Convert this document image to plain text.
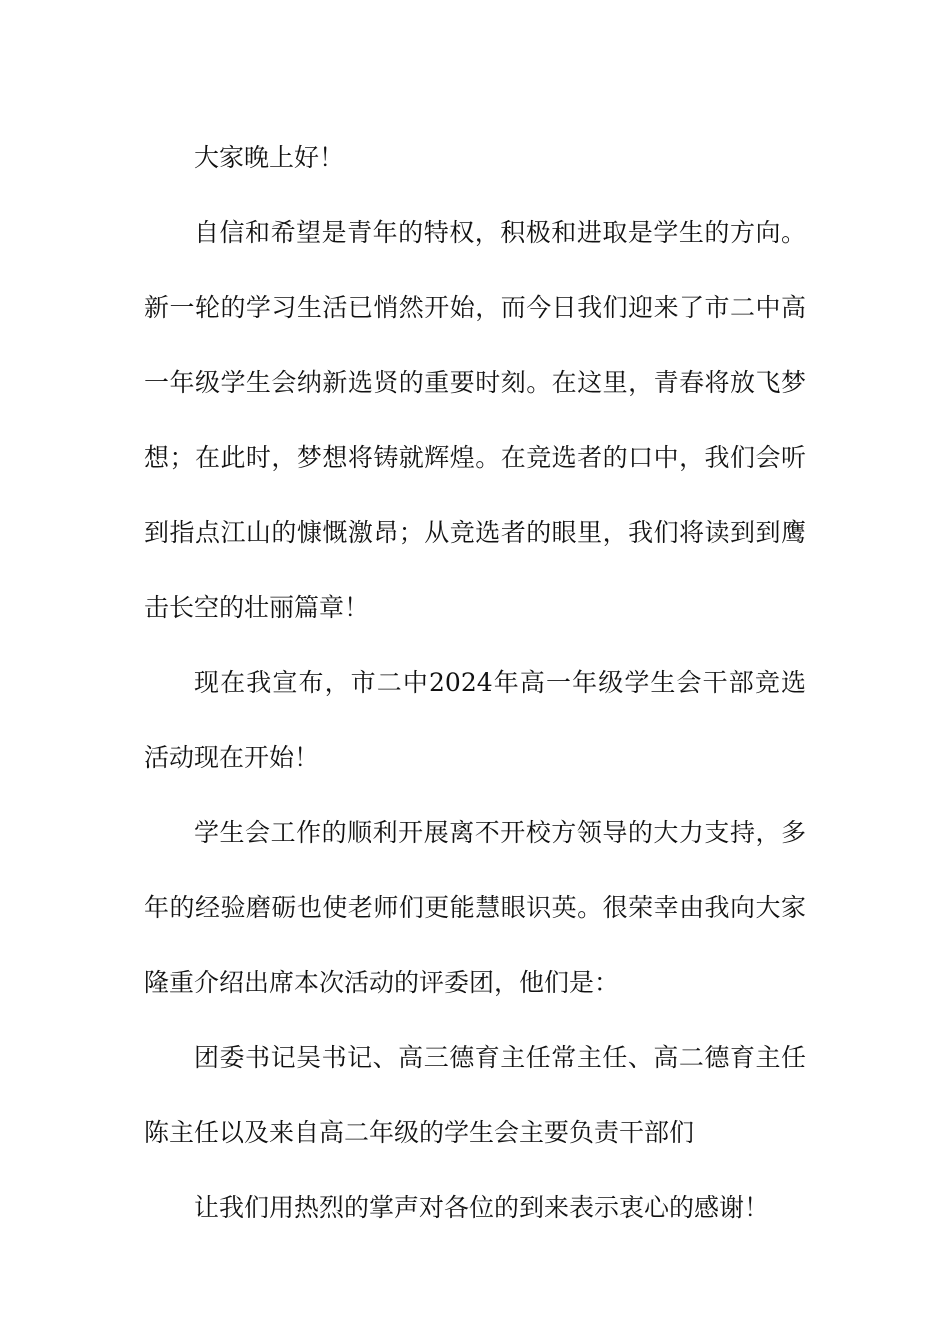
大家晚上好！

自信和希望是青年的特权，积极和进取是学生的方向。新一轮的学习生活已悄然开始，而今日我们迎来了市二中高一年级学生会纳新选贤的重要时刻。在这里，青春将放飞梦想；在此时，梦想将铸就辉煌。在竞选者的口中，我们会听到指点江山的慷慨激昂；从竞选者的眼里，我们将读到到鹰击长空的壮丽篇章！

现在我宣布，市二中2024年高一年级学生会干部竞选活动现在开始！

学生会工作的顺利开展离不开校方领导的大力支持，多年的经验磨砺也使老师们更能慧眼识英。很荣幸由我向大家隆重介绍出席本次活动的评委团，他们是：

团委书记吴书记、高三德育主任常主任、高二德育主任陈主任以及来自高二年级的学生会主要负责干部们

让我们用热烈的掌声对各位的到来表示衷心的感谢！
